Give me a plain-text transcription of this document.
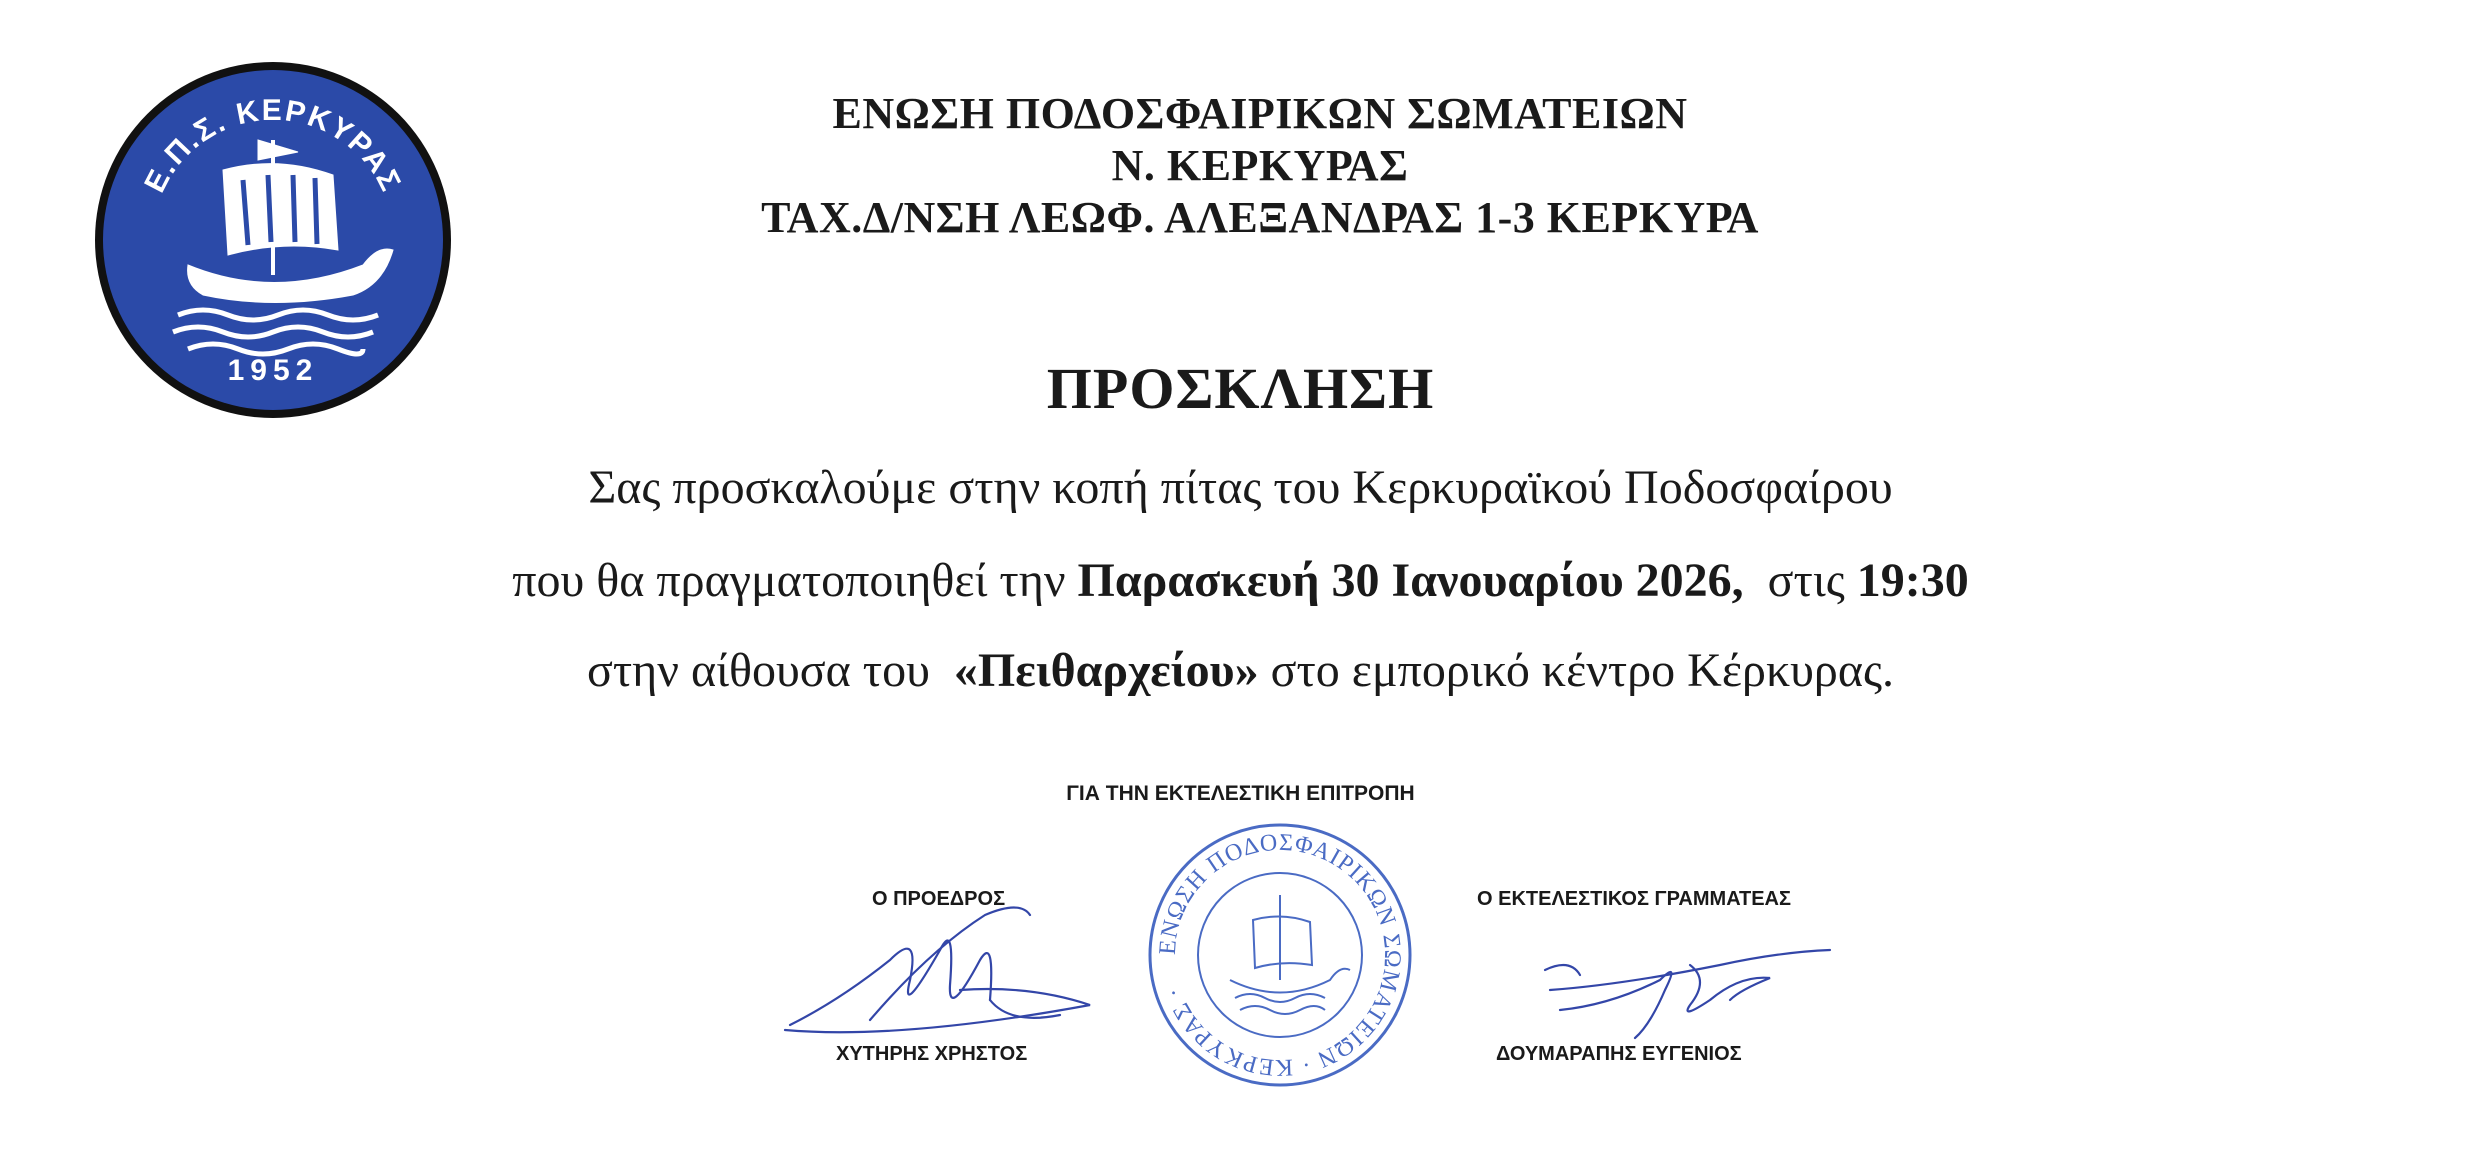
Ε.Π.Σ. ΚΕΡΚΥΡΑΣ
1952
ΕΝΩΣΗ ΠΟΔΟΣΦΑΙΡΙΚΩΝ ΣΩΜΑΤΕΙΩΝ
Ν. ΚΕΡΚΥΡΑΣ
ΤΑΧ.Δ/ΝΣΗ ΛΕΩΦ. ΑΛΕΞΑΝΔΡΑΣ 1-3 ΚΕΡΚΥΡΑ
ΠΡΟΣΚΛΗΣΗ
Σας προσκαλούμε στην κοπή πίτας του Κερκυραϊκού Ποδοσφαίρου
που θα πραγματοποιηθεί την Παρασκευή 30 Ιανουαρίου 2026,  στις 19:30
στην αίθουσα του  «Πειθαρχείου» στο εμπορικό κέντρο Κέρκυρας.
ΓΙΑ ΤΗΝ ΕΚΤΕΛΕΣΤΙΚΗ ΕΠΙΤΡΟΠΗ
Ο ΠΡΟΕΔΡΟΣ
ΧΥΤΗΡΗΣ ΧΡΗΣΤΟΣ
Ο ΕΚΤΕΛΕΣΤΙΚΟΣ ΓΡΑΜΜΑΤΕΑΣ
ΔΟΥΜΑΡΑΠΗΣ ΕΥΓΕΝΙΟΣ
ΕΝΩΣΗ ΠΟΔΟΣΦΑΙΡΙΚΩΝ ΣΩΜΑΤΕΙΩΝ · ΚΕΡΚΥΡΑΣ ·
